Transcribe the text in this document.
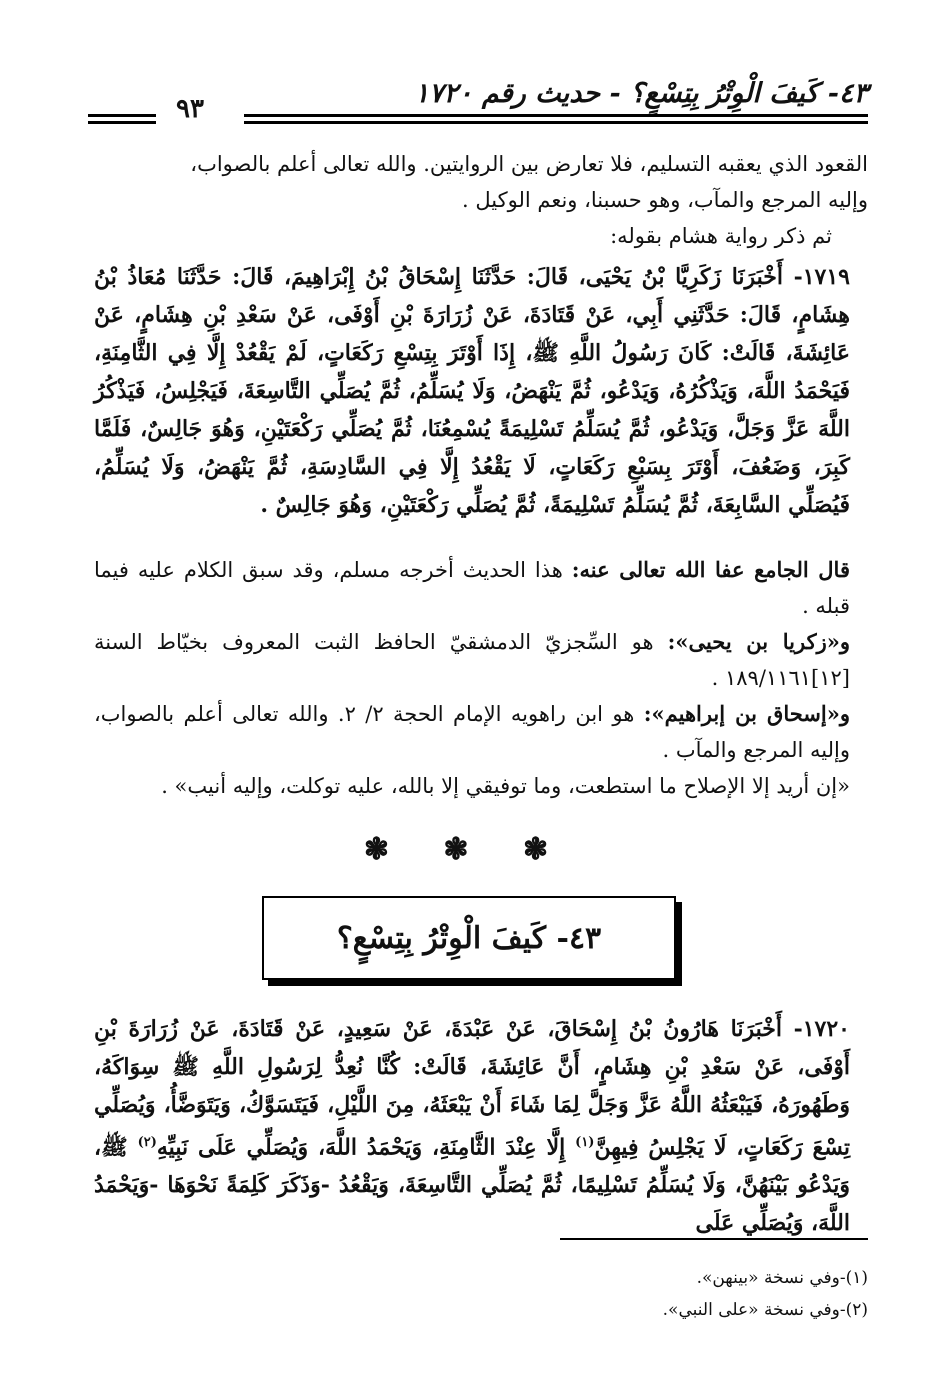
٤٣- كَيفَ الْوِتْرُ بِتِسْعٍ؟ - حديث رقم ١٧٢٠
٩٣

القعود الذي يعقبه التسليم، فلا تعارض بين الروايتين. والله تعالى أعلم بالصواب،

وإليه المرجع والمآب، وهو حسبنا، ونعم الوكيل .

ثم ذكر رواية هشام بقوله:

١٧١٩- أَخْبَرَنَا زَكَرِيَّا بْنُ يَحْيَى، قَالَ: حَدَّثَنَا إِسْحَاقُ بْنُ إِبْرَاهِيمَ، قَالَ: حَدَّثَنَا مُعَاذُ بْنُ هِشَامٍ، قَالَ: حَدَّثَنِي أَبِي، عَنْ قَتَادَةَ، عَنْ زُرَارَةَ بْنِ أَوْفَى، عَنْ سَعْدِ بْنِ هِشَامٍ، عَنْ عَائِشَةَ، قَالَتْ: كَانَ رَسُولُ اللَّهِ ﷺ، إِذَا أَوْتَرَ بِتِسْعِ رَكَعَاتٍ، لَمْ يَقْعُدْ إِلَّا فِي الثَّامِنَةِ، فَيَحْمَدُ اللَّهَ، وَيَذْكُرُهُ، وَيَدْعُو، ثُمَّ يَنْهَضُ، وَلَا يُسَلِّمُ، ثُمَّ يُصَلِّي التَّاسِعَةَ، فَيَجْلِسُ، فَيَذْكُرُ اللَّهَ عَزَّ وَجَلَّ، وَيَدْعُو، ثُمَّ يُسَلِّمُ تَسْلِيمَةً يُسْمِعُنَا، ثُمَّ يُصَلِّي رَكْعَتَيْنِ، وَهُوَ جَالِسٌ، فَلَمَّا كَبِرَ، وَضَعُفَ، أَوْتَرَ بِسَبْعِ رَكَعَاتٍ، لَا يَقْعُدُ إِلَّا فِي السَّادِسَةِ، ثُمَّ يَنْهَضُ، وَلَا يُسَلِّمُ، فَيُصَلِّي السَّابِعَةَ، ثُمَّ يُسَلِّمُ تَسْلِيمَةً، ثُمَّ يُصَلِّي رَكْعَتَيْنِ، وَهُوَ جَالِسٌ .

قال الجامع عفا الله تعالى عنه: هذا الحديث أخرجه مسلم، وقد سبق الكلام عليه فيما قبله .

و«زكريا بن يحيى»: هو السِّجزيّ الدمشقيّ الحافظ الثبت المعروف بخيّاط السنة [١٢]١٨٩/١١٦١ .

و«إسحاق بن إبراهيم»: هو ابن راهويه الإمام الحجة ٢/ ٢. والله تعالى أعلم بالصواب، وإليه المرجع والمآب .

«إن أريد إلا الإصلاح ما استطعت، وما توفيقي إلا بالله، عليه توكلت، وإليه أنيب» .

❃ ❃ ❃
٤٣- كَيفَ الْوِتْرُ بِتِسْعٍ؟

١٧٢٠- أَخْبَرَنَا هَارُونُ بْنُ إِسْحَاقَ، عَنْ عَبْدَةَ، عَنْ سَعِيدٍ، عَنْ قَتَادَةَ، عَنْ زُرَارَةَ بْنِ أَوْفَى، عَنْ سَعْدِ بْنِ هِشَامٍ، أَنَّ عَائِشَةَ، قَالَتْ: كُنَّا نُعِدُّ لِرَسُولِ اللَّهِ ﷺ سِوَاكَهُ، وَطَهُورَهُ، فَيَبْعَثُهُ اللَّهُ عَزَّ وَجَلَّ لِمَا شَاءَ أَنْ يَبْعَثَهُ، مِنَ اللَّيْلِ، فَيَتَسَوَّكُ، وَيَتَوَضَّأُ، وَيُصَلِّي تِسْعَ رَكَعَاتٍ، لَا يَجْلِسُ فِيهِنَّ$^{(١)}$ إِلَّا عِنْدَ الثَّامِنَةِ، وَيَحْمَدُ اللَّهَ، وَيُصَلِّي عَلَى نَبِيِّهِ$^{(٢)}$ ﷺ، وَيَدْعُو بَيْنَهُنَّ، وَلَا يُسَلِّمُ تَسْلِيمًا، ثُمَّ يُصَلِّي التَّاسِعَةَ، وَيَقْعُدُ -وَذَكَرَ كَلِمَةً نَحْوَهَا -وَيَحْمَدُ اللَّهَ، وَيُصَلِّي عَلَى

(١)-وفي نسخة «بينهن».

(٢)-وفي نسخة «على النبي».
